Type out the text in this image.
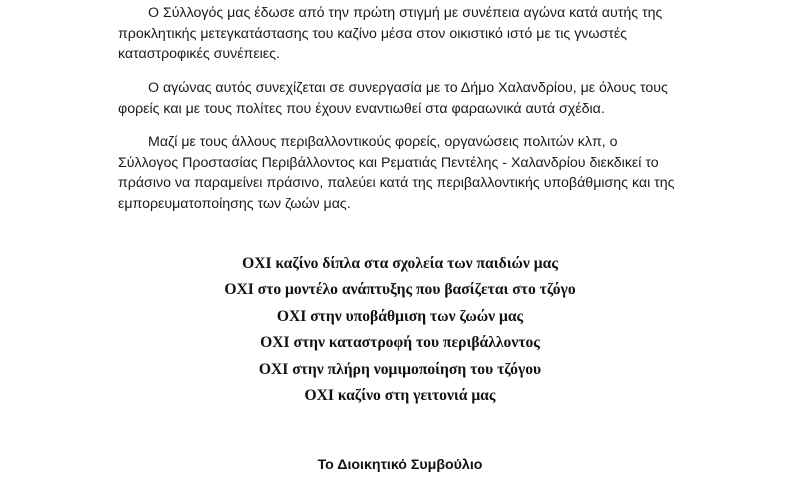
Ο Σύλλογός μας έδωσε από την πρώτη στιγμή με συνέπεια αγώνα κατά αυτής της προκλητικής μετεγκατάστασης του καζίνο μέσα στον οικιστικό ιστό με τις γνωστές καταστροφικές συνέπειες.

Ο αγώνας αυτός συνεχίζεται σε συνεργασία με το Δήμο Χαλανδρίου, με όλους τους φορείς και με τους πολίτες που έχουν εναντιωθεί στα φαραωνικά αυτά σχέδια.

Μαζί με τους άλλους περιβαλλοντικούς φορείς, οργανώσεις πολιτών κλπ, ο Σύλλογος Προστασίας Περιβάλλοντος και Ρεματιάς Πεντέλης - Χαλανδρίου διεκδικεί το πράσινο να παραμείνει πράσινο, παλεύει κατά της περιβαλλοντικής υποβάθμισης και της εμπορευματοποίησης των ζωών μας.

ΟΧΙ καζίνο δίπλα στα σχολεία των παιδιών μας
ΟΧΙ στο μοντέλο ανάπτυξης που βασίζεται στο τζόγο
ΟΧΙ στην υποβάθμιση των ζωών μας
ΟΧΙ στην καταστροφή του περιβάλλοντος
ΟΧΙ στην πλήρη νομιμοποίηση του τζόγου
ΟΧΙ καζίνο στη γειτονιά μας
Το Διοικητικό Συμβούλιο
